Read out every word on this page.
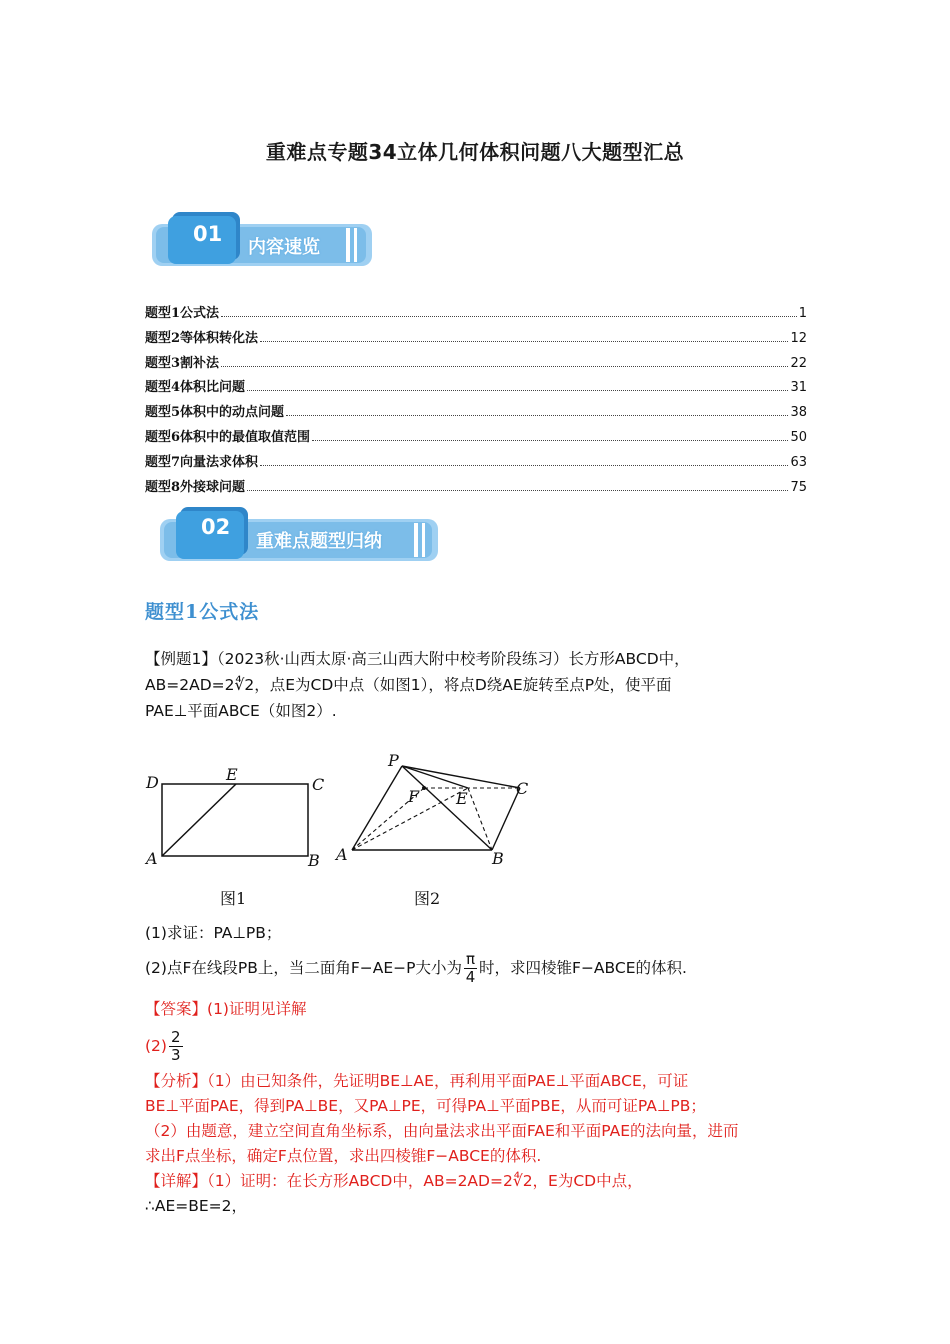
重难点专题34立体几何体积问题八大题型汇总
01
内容速览
题型1公式法	1
题型2等体积转化法	12
题型3割补法	22
题型4体积比问题	31
题型5体积中的动点问题	38
题型6体积中的最值取值范围	50
题型7向量法求体积	63
题型8外接球问题	75
02
重难点题型归纳
题型1公式法
【例题1】（2023秋·山西太原·高三山西大附中校考阶段练习）长方形ABCD中，
AB=2AD=2∜2，点E为CD中点（如图1），将点D绕AE旋转至点P处，使平面
PAE⊥平面ABCE（如图2）.
D	E
C
A	B
图1
P
F E
C
A	B
图2
(1)求证：PA⊥PB；
(2)点F在线段PB上，当二面角F−AE−P大小为 $\frac{\pi}{4}$ 时，求四棱锥F−ABCE的体积.
【答案】(1)证明见详解
$(2) \frac{2}{3}$
【分析】（1）由已知条件，先证明BE⊥AE，再利用平面PAE⊥平面ABCE，可证
BE⊥平面PAE，得到PA⊥BE，又PA⊥PE，可得PA⊥平面PBE，从而可证PA⊥PB；
（2）由题意，建立空间直角坐标系，由向量法求出平面FAE和平面PAE的法向量，进而
求出F点坐标，确定F点位置，求出四棱锥F−ABCE的体积.
【详解】（1）证明：在长方形ABCD中，AB=2AD=2∜2，E为CD中点，
∴AE=BE=2，
